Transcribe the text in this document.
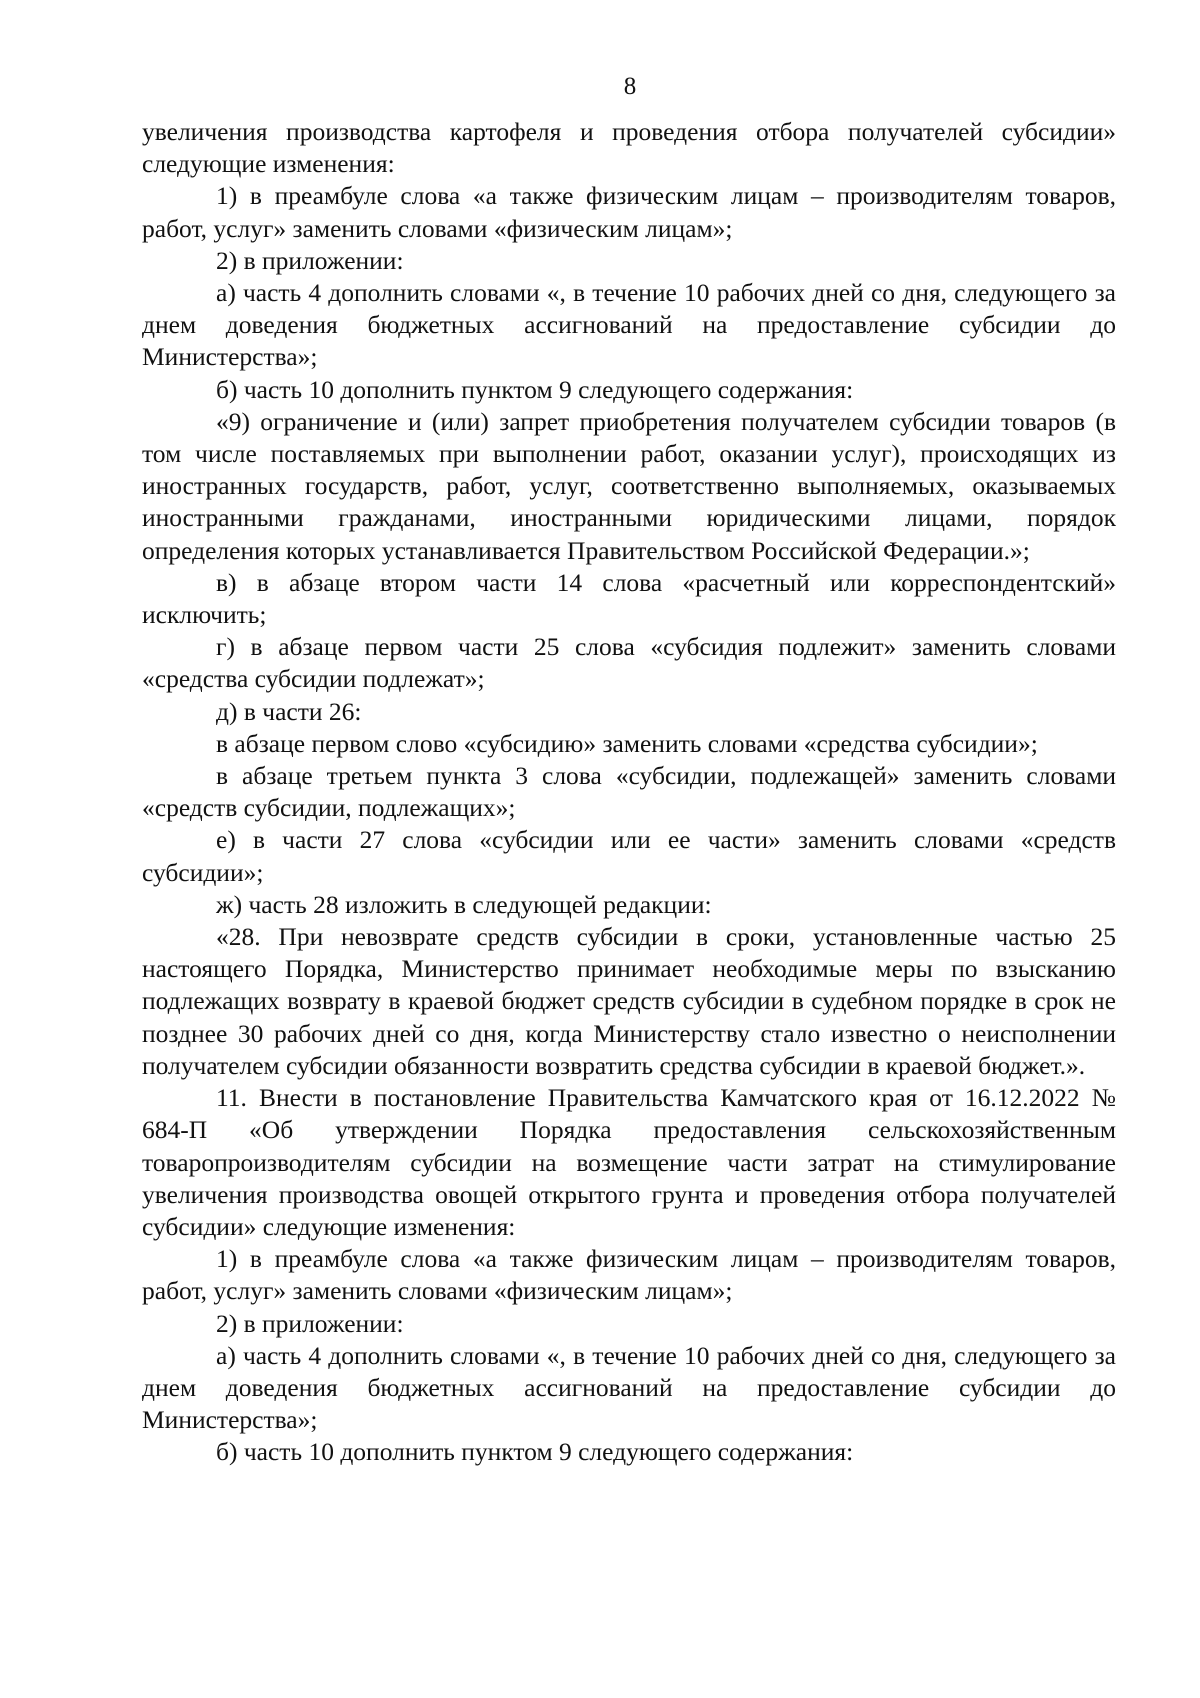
8

увеличения производства картофеля и проведения отбора получателей субсидии» следующие изменения:

1) в преамбуле слова «а также физическим лицам – производителям товаров, работ, услуг» заменить словами «физическим лицам»;

2) в приложении:

а) часть 4 дополнить словами «, в течение 10 рабочих дней со дня, следующего за днем доведения бюджетных ассигнований на предоставление субсидии до Министерства»;

б) часть 10 дополнить пунктом 9 следующего содержания:

«9) ограничение и (или) запрет приобретения получателем субсидии товаров (в том числе поставляемых при выполнении работ, оказании услуг), происходящих из иностранных государств, работ, услуг, соответственно выполняемых, оказываемых иностранными гражданами, иностранными юридическими лицами, порядок определения которых устанавливается Правительством Российской Федерации.»;

в) в абзаце втором части 14 слова «расчетный или корреспондентский» исключить;

г) в абзаце первом части 25 слова «субсидия подлежит» заменить словами «средства субсидии подлежат»;

д) в части 26:

в абзаце первом слово «субсидию» заменить словами «средства субсидии»;

в абзаце третьем пункта 3 слова «субсидии, подлежащей» заменить словами «средств субсидии, подлежащих»;

е) в части 27 слова «субсидии или ее части» заменить словами «средств субсидии»;

ж) часть 28 изложить в следующей редакции:

«28. При невозврате средств субсидии в сроки, установленные частью 25 настоящего Порядка, Министерство принимает необходимые меры по взысканию подлежащих возврату в краевой бюджет средств субсидии в судебном порядке в срок не позднее 30 рабочих дней со дня, когда Министерству стало известно о неисполнении получателем субсидии обязанности возвратить средства субсидии в краевой бюджет.».

11. Внести в постановление Правительства Камчатского края от 16.12.2022 № 684-П «Об утверждении Порядка предоставления сельскохозяйственным товаропроизводителям субсидии на возмещение части затрат на стимулирование увеличения производства овощей открытого грунта и проведения отбора получателей субсидии» следующие изменения:

1) в преамбуле слова «а также физическим лицам – производителям товаров, работ, услуг» заменить словами «физическим лицам»;

2) в приложении:

а) часть 4 дополнить словами «, в течение 10 рабочих дней со дня, следующего за днем доведения бюджетных ассигнований на предоставление субсидии до Министерства»;

б) часть 10 дополнить пунктом 9 следующего содержания:
